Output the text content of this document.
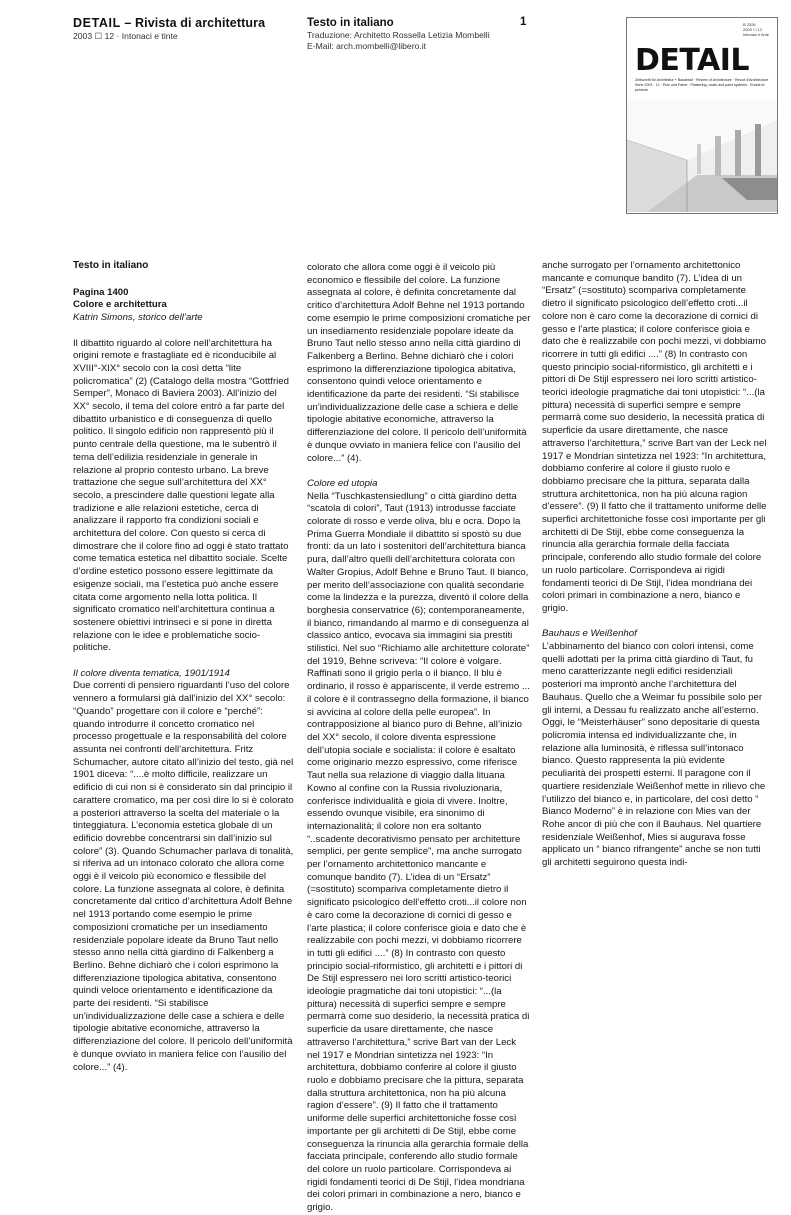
DETAIL – Rivista di architettura
2003 ☐ 12 · Intonaci e tinte
Testo in italiano
Traduzione: Architetto Rossella Letizia Mombelli
E-Mail: arch.mombelli@libero.it
1	B 2326
2003 ☐ 12
Intonaci e tinte
DETAIL
Zeitschrift für Architektur + Baudetail · Review of Architecture · Revue d'Architecture
Serie 2003 · 12 · Putz und Farbe · Plastering, coats and paint systems · Enduit et peinture

Testo in italiano

Pagina 1400

Colore e architettura

Katrin Simons, storico dell’arte

Il dibattito riguardo al colore nell’architettura ha origini remote e frastagliate ed è riconducibile al XVIII°-XIX° secolo con la così detta “lite policromatica” (2) (Catalogo della mostra “Gottfried Semper”, Monaco di Baviera 2003). All’inizio del XX° secolo, il tema del colore entrò a far parte del dibattito urbanistico e di conseguenza di quello politico. Il singolo edificio non rappresentò più il punto centrale della questione, ma le subentrò il tema dell’edilizia residenziale in generale in relazione al proprio contesto urbano. La breve trattazione che segue sull’architettura del XX° secolo, a prescindere dalle questioni legate alla tradizione e alle relazioni estetiche, cerca di analizzare il rapporto fra condizioni sociali e architettura del colore. Con questo si cerca di dimostrare che il colore fino ad oggi è stato trattato come tematica estetica nel dibattito sociale. Scelte d’ordine estetico possono essere legittimate da esigenze sociali, ma l’estetica può anche essere citata come argomento nella lotta politica. Il significato cromatico nell’architettura continua a sostenere obiettivi intrinseci e si pone in diretta relazione con le idee e problematiche socio-politiche.

Il colore diventa tematica, 1901/1914

Due correnti di pensiero riguardanti l’uso del colore vennero a formularsi già dall’inizio del XX° secolo: “Quando” progettare con il colore e “perché”: quando introdurre il concetto cromatico nel processo progettuale e la responsabilità del colore assunta nei confronti dell’architettura. Fritz Schumacher, autore citato all’inizio del testo, già nel 1901 diceva: “....è molto difficile, realizzare un edificio di cui non si è considerato sin dal principio il carattere cromatico, ma per così dire lo si è colorato a posteriori attraverso la scelta del materiale o la tinteggiatura. L’economia estetica globale di un edificio dovrebbe concentrarsi sin dall’inizio sul colore” (3). Quando Schumacher parlava di tonalità, si riferiva ad un intonaco colorato che allora come oggi è il veicolo più economico e flessibile del colore. La funzione assegnata al colore, è definita concretamente dal critico d’architettura Adolf Behne nel 1913 portando come esempio le prime composizioni cromatiche per un insediamento residenziale popolare ideate da Bruno Taut nello stesso anno nella città giardino di Falkenberg a Berlino. Behne dichiarò che i colori esprimono la differenziazione tipologica abitativa, consentono quindi veloce orientamento e identificazione da parte dei residenti. “Si stabilisce un’individualizzazione delle case a schiera e delle tipologie abitative economiche, attraverso la differenziazione del colore. Il pericolo dell’uniformità è dunque ovviato in maniera felice con l’ausilio del colore...” (4).

colorato che allora come oggi è il veicolo più economico e flessibile del colore. La funzione assegnata al colore, è definita concretamente dal critico d’architettura Adolf Behne nel 1913 portando come esempio le prime composizioni cromatiche per un insediamento residenziale popolare ideate da Bruno Taut nello stesso anno nella città giardino di Falkenberg a Berlino. Behne dichiarò che i colori esprimono la differenziazione tipologica abitativa, consentono quindi veloce orientamento e identificazione da parte dei residenti. “Si stabilisce un’individualizzazione delle case a schiera e delle tipologie abitative economiche, attraverso la differenziazione del colore. Il pericolo dell’uniformità è dunque ovviato in maniera felice con l’ausilio del colore...” (4).

Colore ed utopia

Nella “Tuschkastensiedlung” o città giardino detta “scatola di colori”, Taut (1913) introdusse facciate colorate di rosso e verde oliva, blu e ocra. Dopo la Prima Guerra Mondiale il dibattito si spostò su due fronti: da un lato i sostenitori dell’architettura bianca pura, dall’altro quelli dell’architettura colorata con Walter Gropius, Adolf Behne e Bruno Taut. Il bianco, per merito dell’associazione con qualità secondarie come la lindezza e la purezza, diventò il colore della borghesia conservatrice (6); contemporaneamente, il bianco, rimandando al marmo e di conseguenza al classico antico, evocava sia immagini sia prestiti stilistici. Nel suo “Richiamo alle architetture colorate” del 1919, Behne scriveva: “Il colore è volgare. Raffinati sono il grigio perla o il bianco. Il blu è ordinario, il rosso è appariscente, il verde estremo ... il colore è il contrassegno della formazione, il bianco si avvicina al colore della pelle europea”. In contrapposizione al bianco puro di Behne, all’inizio del XX° secolo, il colore diventa espressione dell’utopia sociale e socialista: il colore è esaltato come originario mezzo espressivo, come riferisce Taut nella sua relazione di viaggio dalla lituana Kowno al confine con la Russia rivoluzionaria, conferisce individualità e gioia di vivere. Inoltre, essendo ovunque visibile, era sinonimo di internazionalità; il colore non era soltanto “..scadente decorativismo pensato per architetture semplici, per gente semplice”, ma anche surrogato per l’ornamento architettonico mancante e comunque bandito (7). L’idea di un “Ersatz” (=sostituto) scompariva completamente dietro il significato psicologico dell’effetto croti...il colore non è caro come la decorazione di cornici di gesso e l’arte plastica; il colore conferisce gioia e dato che è realizzabile con pochi mezzi, vi dobbiamo ricorrere in tutti gli edifici ....” (8) In contrasto con questo principio social-riformistico, gli architetti e i pittori di De Stijl espressero nei loro scritti artistico-teorici ideologie pragmatiche dai toni utopistici: “...(la pittura) necessità di superfici sempre e sempre permarrà come suo desiderio, la necessità pratica di superficie da usare direttamente, che nasce attraverso l’architettura,” scrive Bart van der Leck nel 1917 e Mondrian sintetizza nel 1923: “In architettura, dobbiamo conferire al colore il giusto ruolo e dobbiamo precisare che la pittura, separata dalla struttura architettonica, non ha più alcuna ragion d’essere”. (9) Il fatto che il trattamento uniforme delle superfici architettoniche fosse così importante per gli architetti di De Stijl, ebbe come conseguenza la rinuncia alla gerarchia formale della facciata principale, conferendo allo studio formale del colore un ruolo particolare. Corrispondeva ai rigidi fondamenti teorici di De Stijl, l’idea mondriana dei colori primari in combinazione a nero, bianco e grigio.

anche surrogato per l’ornamento architettonico mancante e comunque bandito (7). L’idea di un “Ersatz” (=sostituto) scompariva completamente dietro il significato psicologico dell’effetto croti...il colore non è caro come la decorazione di cornici di gesso e l’arte plastica; il colore conferisce gioia e dato che è realizzabile con pochi mezzi, vi dobbiamo ricorrere in tutti gli edifici ....” (8) In contrasto con questo principio social-riformistico, gli architetti e i pittori di De Stijl espressero nei loro scritti artistico-teorici ideologie pragmatiche dai toni utopistici: “...(la pittura) necessità di superfici sempre e sempre permarrà come suo desiderio, la necessità pratica di superficie da usare direttamente, che nasce attraverso l’architettura,” scrive Bart van der Leck nel 1917 e Mondrian sintetizza nel 1923: “In architettura, dobbiamo conferire al colore il giusto ruolo e dobbiamo precisare che la pittura, separata dalla struttura architettonica, non ha più alcuna ragion d’essere”. (9) Il fatto che il trattamento uniforme delle superfici architettoniche fosse così importante per gli architetti di De Stijl, ebbe come conseguenza la rinuncia alla gerarchia formale della facciata principale, conferendo allo studio formale del colore un ruolo particolare. Corrispondeva ai rigidi fondamenti teorici di De Stijl, l’idea mondriana dei colori primari in combinazione a nero, bianco e grigio.

Bauhaus e Weißenhof

L’abbinamento del bianco con colori intensi, come quelli adottati per la prima città giardino di Taut, fu meno caratterizzante negli edifici residenziali posteriori ma improntò anche l’architettura del Bauhaus. Quello che a Weimar fu possibile solo per gli interni, a Dessau fu realizzato anche all’esterno. Oggi, le “Meisterhäuser” sono depositarie di questa policromia intensa ed individualizzante che, in relazione alla luminosità, è riflessa sull’intonaco bianco. Questo rappresenta la più evidente peculiarità dei prospetti esterni. Il paragone con il quartiere residenziale Weißenhof mette in rilievo che l’utilizzo del bianco e, in particolare, del così detto “ Bianco Moderno” è in relazione con Mies van der Rohe ancor di più che con il Bauhaus. Nel quartiere residenziale Weißenhof, Mies si augurava fosse applicato un “ bianco rifrangente” anche se non tutti gli architetti seguirono questa indi-
